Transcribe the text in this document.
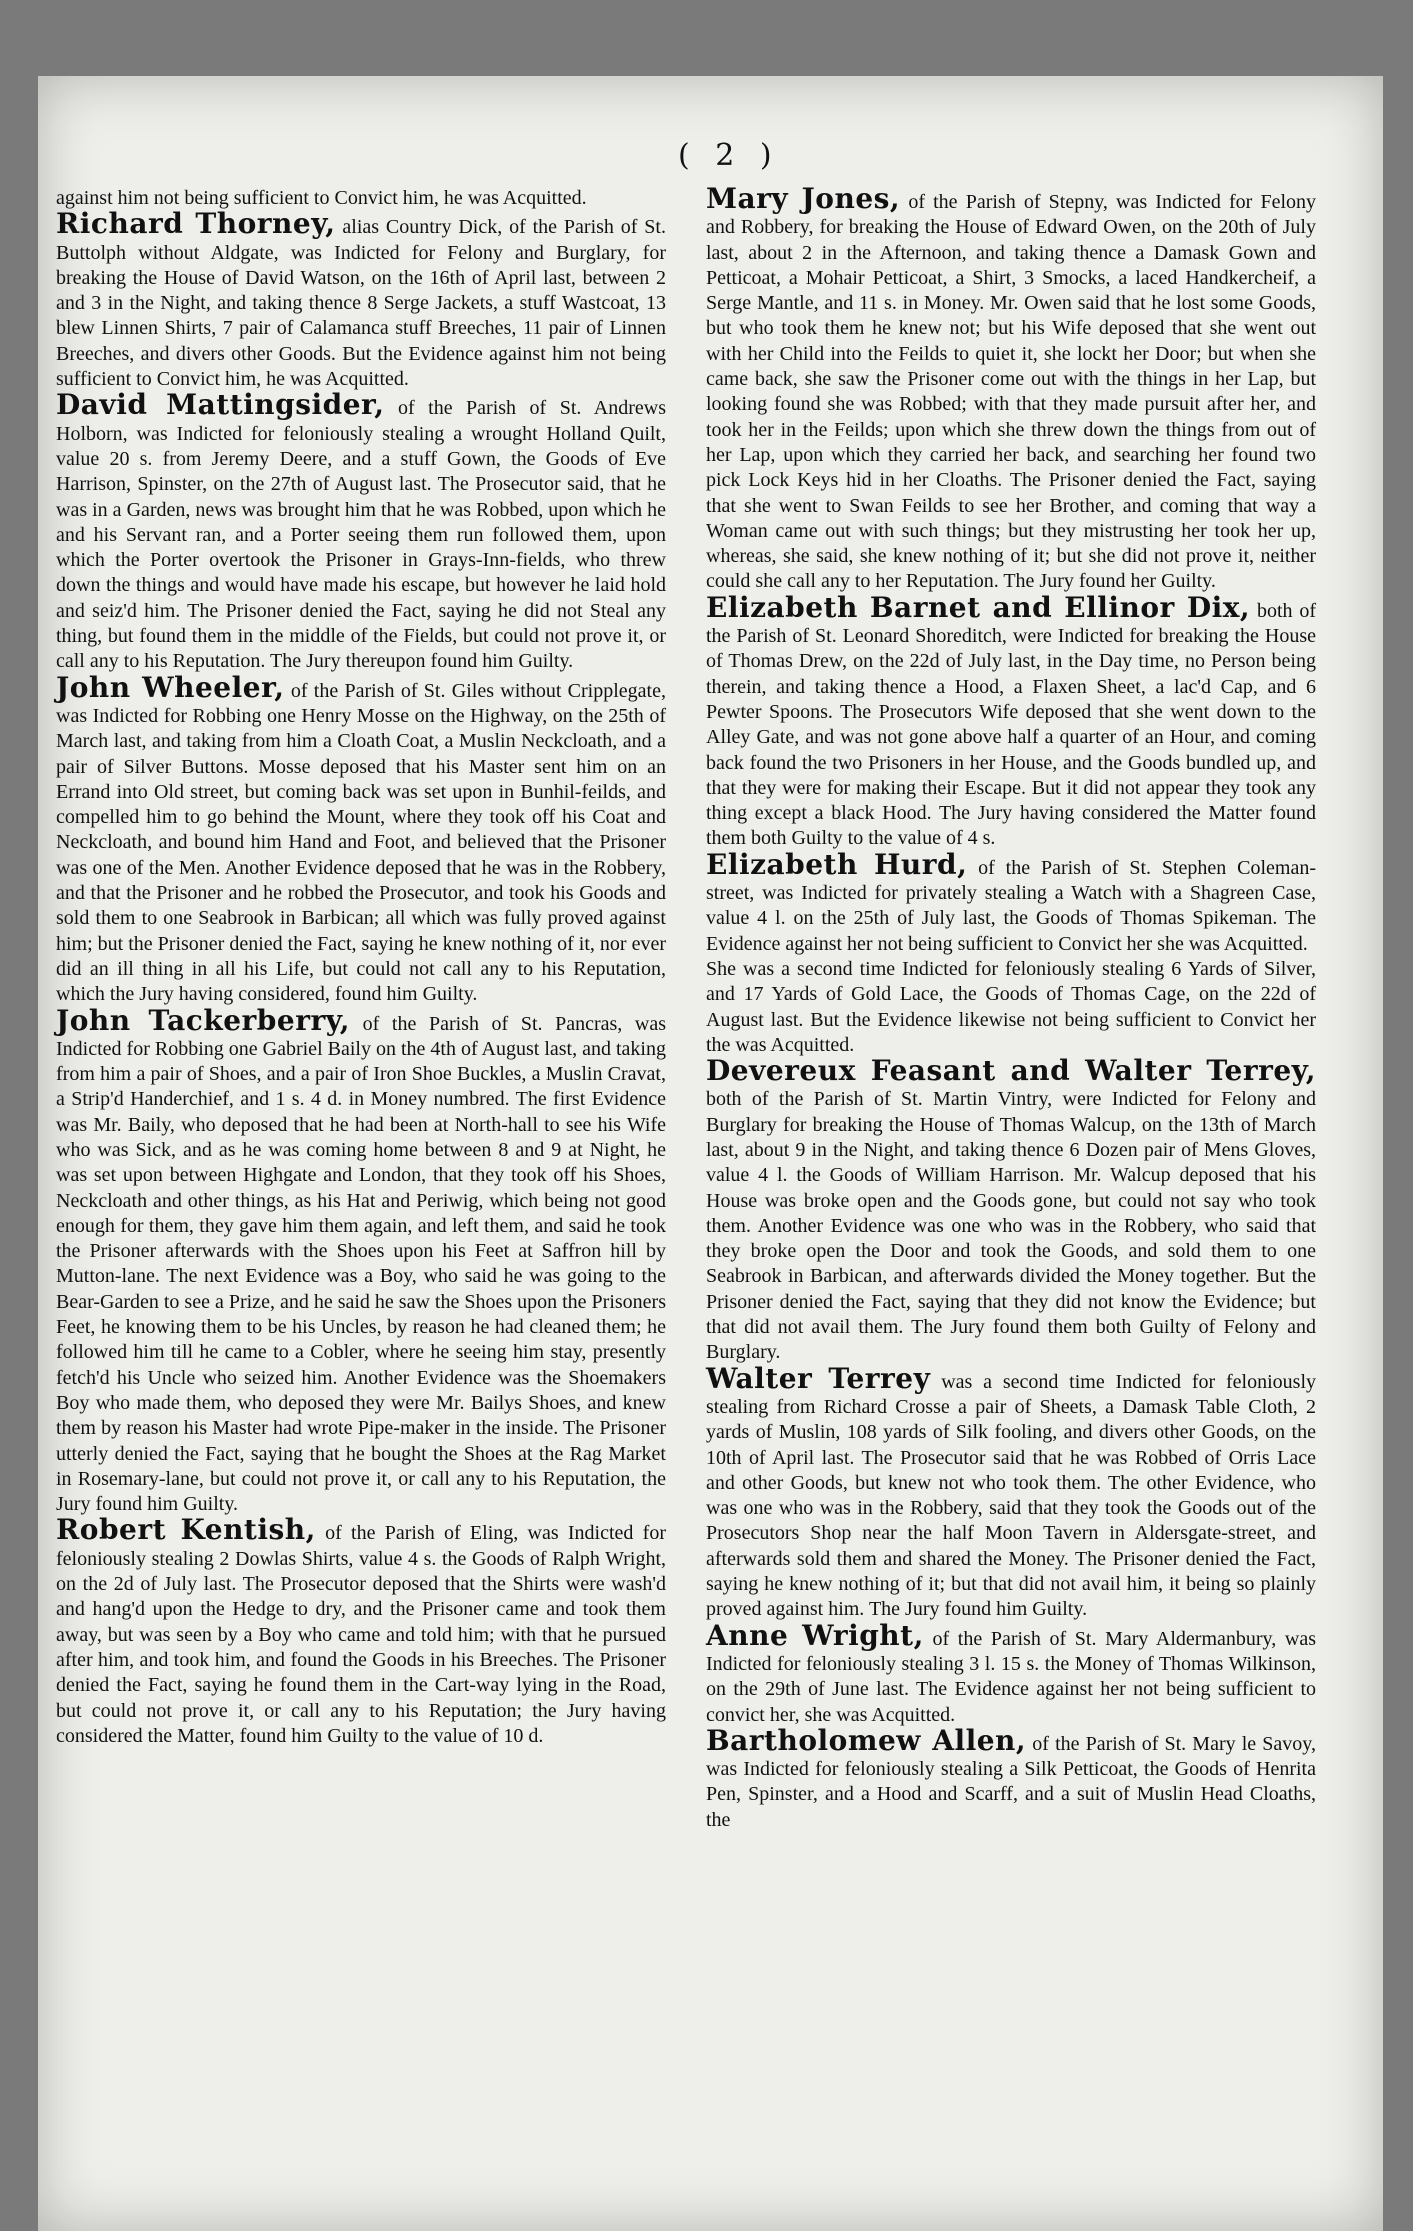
( 2 )

against him not being sufficient to Convict him, he was Acquitted.

Richard Thorney, alias Country Dick, of the Parish of St. Buttolph without Aldgate, was Indicted for Felony and Burglary, for breaking the House of David Watson, on the 16th of April last, between 2 and 3 in the Night, and taking thence 8 Serge Jackets, a stuff Wastcoat, 13 blew Linnen Shirts, 7 pair of Calamanca stuff Breeches, 11 pair of Linnen Breeches, and divers other Goods. But the Evidence against him not being sufficient to Convict him, he was Acquitted.

David Mattingsider, of the Parish of St. Andrews Holborn, was Indicted for feloniously stealing a wrought Holland Quilt, value 20 s. from Jeremy Deere, and a stuff Gown, the Goods of Eve Harrison, Spinster, on the 27th of August last. The Prosecutor said, that he was in a Garden, news was brought him that he was Robbed, upon which he and his Servant ran, and a Porter seeing them run followed them, upon which the Porter overtook the Prisoner in Grays-Inn-fields, who threw down the things and would have made his escape, but however he laid hold and seiz'd him. The Prisoner denied the Fact, saying he did not Steal any thing, but found them in the middle of the Fields, but could not prove it, or call any to his Reputation. The Jury thereupon found him Guilty.

John Wheeler, of the Parish of St. Giles without Cripplegate, was Indicted for Robbing one Henry Mosse on the Highway, on the 25th of March last, and taking from him a Cloath Coat, a Muslin Neckcloath, and a pair of Silver Buttons. Mosse deposed that his Master sent him on an Errand into Old street, but coming back was set upon in Bunhil-feilds, and compelled him to go behind the Mount, where they took off his Coat and Neckcloath, and bound him Hand and Foot, and believed that the Prisoner was one of the Men. Another Evidence deposed that he was in the Robbery, and that the Prisoner and he robbed the Prosecutor, and took his Goods and sold them to one Seabrook in Barbican; all which was fully proved against him; but the Prisoner denied the Fact, saying he knew nothing of it, nor ever did an ill thing in all his Life, but could not call any to his Reputation, which the Jury having considered, found him Guilty.

John Tackerberry, of the Parish of St. Pancras, was Indicted for Robbing one Gabriel Baily on the 4th of August last, and taking from him a pair of Shoes, and a pair of Iron Shoe Buckles, a Muslin Cravat, a Strip'd Handerchief, and 1 s. 4 d. in Money numbred. The first Evidence was Mr. Baily, who deposed that he had been at North-hall to see his Wife who was Sick, and as he was coming home between 8 and 9 at Night, he was set upon between Highgate and London, that they took off his Shoes, Neckcloath and other things, as his Hat and Periwig, which being not good enough for them, they gave him them again, and left them, and said he took the Prisoner afterwards with the Shoes upon his Feet at Saffron hill by Mutton-lane. The next Evidence was a Boy, who said he was going to the Bear-Garden to see a Prize, and he said he saw the Shoes upon the Prisoners Feet, he knowing them to be his Uncles, by reason he had cleaned them; he followed him till he came to a Cobler, where he seeing him stay, presently fetch'd his Uncle who seized him. Another Evidence was the Shoemakers Boy who made them, who deposed they were Mr. Bailys Shoes, and knew them by reason his Master had wrote Pipe-maker in the inside. The Prisoner utterly denied the Fact, saying that he bought the Shoes at the Rag Market in Rosemary-lane, but could not prove it, or call any to his Reputation, the Jury found him Guilty.

Robert Kentish, of the Parish of Eling, was Indicted for feloniously stealing 2 Dowlas Shirts, value 4 s. the Goods of Ralph Wright, on the 2d of July last. The Prosecutor deposed that the Shirts were wash'd and hang'd upon the Hedge to dry, and the Prisoner came and took them away, but was seen by a Boy who came and told him; with that he pursued after him, and took him, and found the Goods in his Breeches. The Prisoner denied the Fact, saying he found them in the Cart-way lying in the Road, but could not prove it, or call any to his Reputation; the Jury having considered the Matter, found him Guilty to the value of 10 d.

Mary Jones, of the Parish of Stepny, was Indicted for Felony and Robbery, for breaking the House of Edward Owen, on the 20th of July last, about 2 in the Afternoon, and taking thence a Damask Gown and Petticoat, a Mohair Petticoat, a Shirt, 3 Smocks, a laced Handkercheif, a Serge Mantle, and 11 s. in Money. Mr. Owen said that he lost some Goods, but who took them he knew not; but his Wife deposed that she went out with her Child into the Feilds to quiet it, she lockt her Door; but when she came back, she saw the Prisoner come out with the things in her Lap, but looking found she was Robbed; with that they made pursuit after her, and took her in the Feilds; upon which she threw down the things from out of her Lap, upon which they carried her back, and searching her found two pick Lock Keys hid in her Cloaths. The Prisoner denied the Fact, saying that she went to Swan Feilds to see her Brother, and coming that way a Woman came out with such things; but they mistrusting her took her up, whereas, she said, she knew nothing of it; but she did not prove it, neither could she call any to her Reputation. The Jury found her Guilty.

Elizabeth Barnet and Ellinor Dix, both of the Parish of St. Leonard Shoreditch, were Indicted for breaking the House of Thomas Drew, on the 22d of July last, in the Day time, no Person being therein, and taking thence a Hood, a Flaxen Sheet, a lac'd Cap, and 6 Pewter Spoons. The Prosecutors Wife deposed that she went down to the Alley Gate, and was not gone above half a quarter of an Hour, and coming back found the two Prisoners in her House, and the Goods bundled up, and that they were for making their Escape. But it did not appear they took any thing except a black Hood. The Jury having considered the Matter found them both Guilty to the value of 4 s.

Elizabeth Hurd, of the Parish of St. Stephen Coleman-street, was Indicted for privately stealing a Watch with a Shagreen Case, value 4 l. on the 25th of July last, the Goods of Thomas Spikeman. The Evidence against her not being sufficient to Convict her she was Acquitted.

She was a second time Indicted for feloniously stealing 6 Yards of Silver, and 17 Yards of Gold Lace, the Goods of Thomas Cage, on the 22d of August last. But the Evidence likewise not being sufficient to Convict her the was Acquitted.

Devereux Feasant and Walter Terrey, both of the Parish of St. Martin Vintry, were Indicted for Felony and Burglary for breaking the House of Thomas Walcup, on the 13th of March last, about 9 in the Night, and taking thence 6 Dozen pair of Mens Gloves, value 4 l. the Goods of William Harrison. Mr. Walcup deposed that his House was broke open and the Goods gone, but could not say who took them. Another Evidence was one who was in the Robbery, who said that they broke open the Door and took the Goods, and sold them to one Seabrook in Barbican, and afterwards divided the Money together. But the Prisoner denied the Fact, saying that they did not know the Evidence; but that did not avail them. The Jury found them both Guilty of Felony and Burglary.

Walter Terrey was a second time Indicted for feloniously stealing from Richard Crosse a pair of Sheets, a Damask Table Cloth, 2 yards of Muslin, 108 yards of Silk fooling, and divers other Goods, on the 10th of April last. The Prosecutor said that he was Robbed of Orris Lace and other Goods, but knew not who took them. The other Evidence, who was one who was in the Robbery, said that they took the Goods out of the Prosecutors Shop near the half Moon Tavern in Aldersgate-street, and afterwards sold them and shared the Money. The Prisoner denied the Fact, saying he knew nothing of it; but that did not avail him, it being so plainly proved against him. The Jury found him Guilty.

Anne Wright, of the Parish of St. Mary Aldermanbury, was Indicted for feloniously stealing 3 l. 15 s. the Money of Thomas Wilkinson, on the 29th of June last. The Evidence against her not being sufficient to convict her, she was Acquitted.

Bartholomew Allen, of the Parish of St. Mary le Savoy, was Indicted for feloniously stealing a Silk Petticoat, the Goods of Henrita Pen, Spinster, and a Hood and Scarff, and a suit of Muslin Head Cloaths, the
